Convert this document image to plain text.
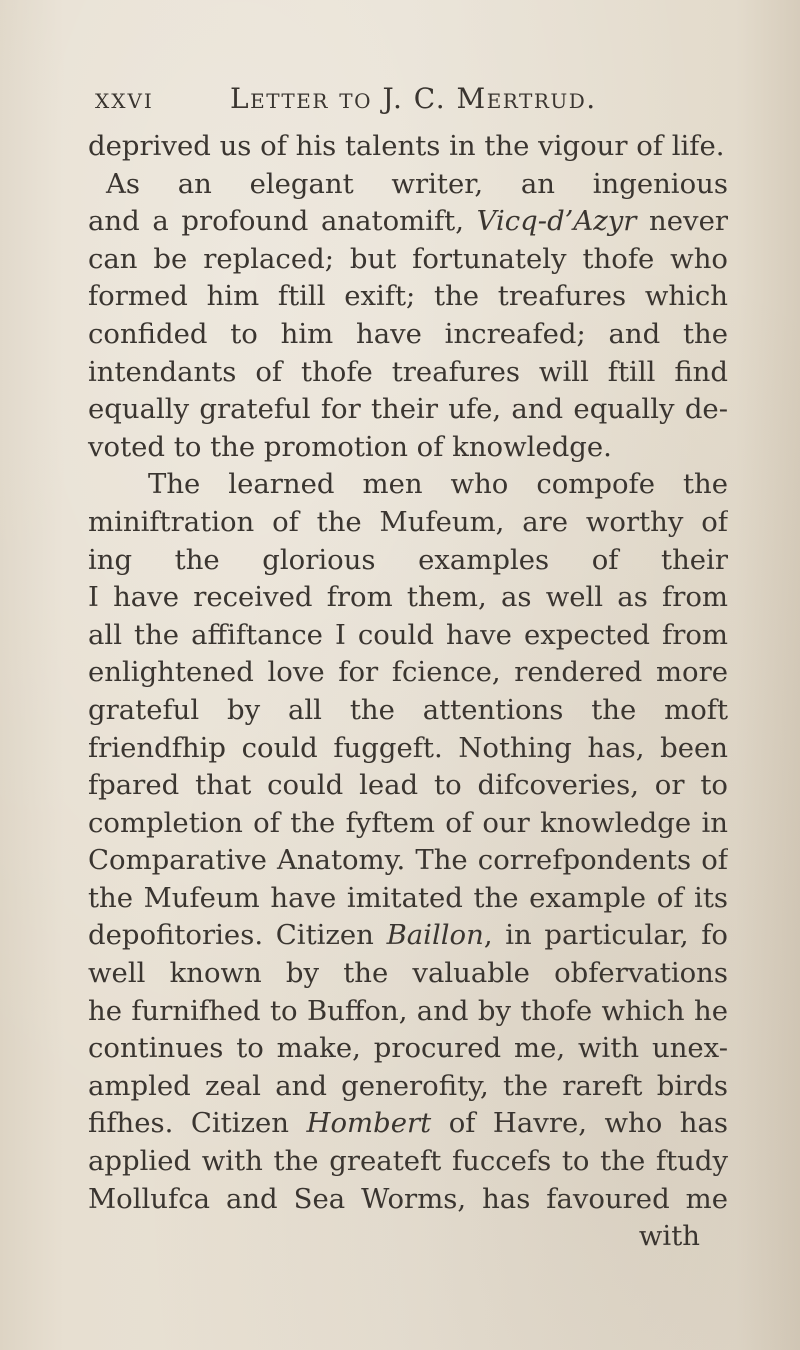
xxvi	Letter to J. C. Mertrud.
deprived us of his talents in the vigour of life.
As an elegant writer, an ingenious
and a profound anatomift, Vicq-d’Azyr never
can be replaced; but fortunately thofe who
formed him ftill exift; the treafures which
confided to him have increafed; and the
intendants of thofe treafures will ftill find
equally grateful for their ufe, and equally de-
voted to the promotion of knowledge.
The learned men who compofe the
miniftration of the Mufeum, are worthy of
ing the glorious examples of their
I have received from them, as well as from
all the affiftance I could have expected from
enlightened love for fcience, rendered more
grateful by all the attentions the moft
friendfhip could fuggeft. Nothing has, been
fpared that could lead to difcoveries, or to
completion of the fyftem of our knowledge in
Comparative Anatomy. The correfpondents of
the Mufeum have imitated the example of its
depofitories. Citizen Baillon, in particular, fo
well known by the valuable obfervations
he furnifhed to Buffon, and by thofe which he
continues to make, procured me, with unex-
ampled zeal and generofity, the rareft birds
fifhes. Citizen Hombert of Havre, who has
applied with the greateft fuccefs to the ftudy
Mollufca and Sea Worms, has favoured me
with
